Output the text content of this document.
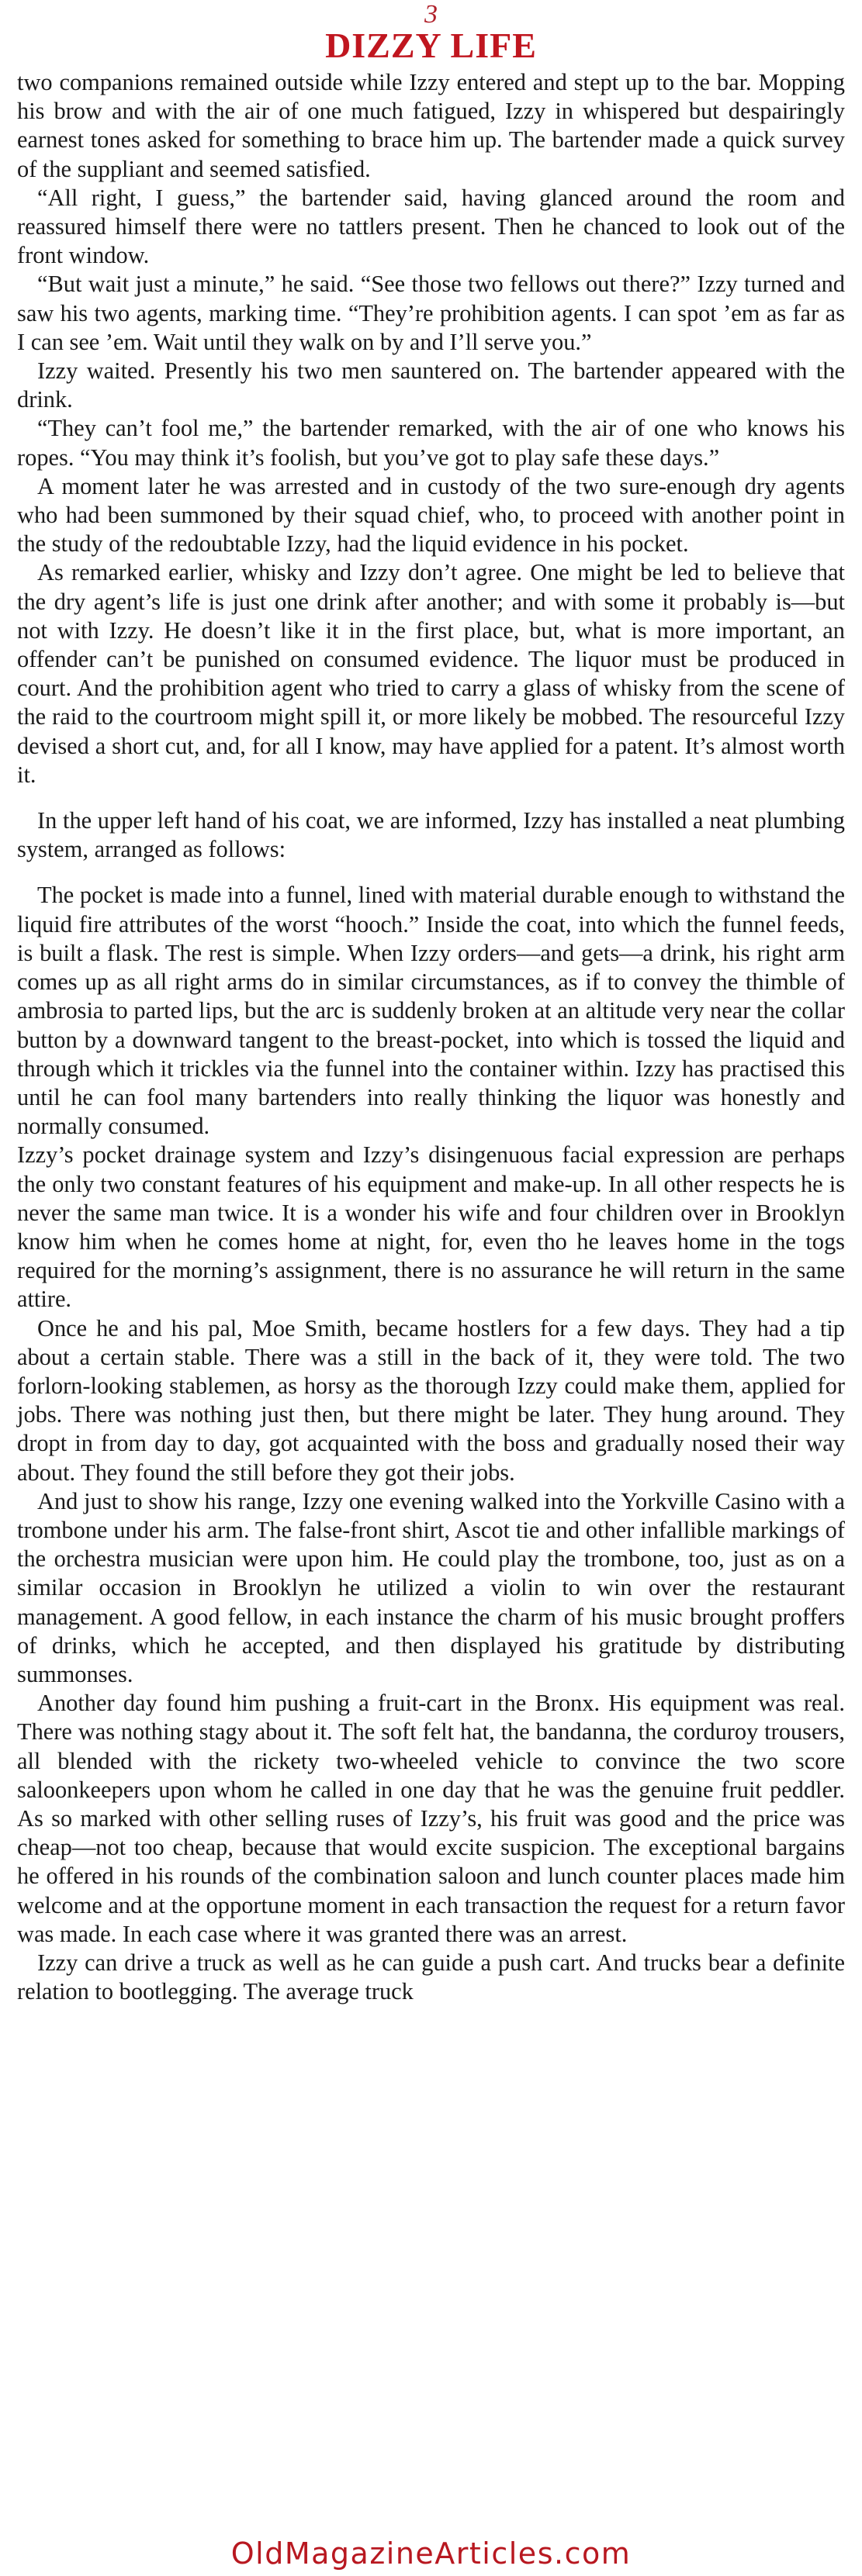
3
DIZZY LIFE

two companions remained outside while Izzy entered and stept up to the bar. Mopping his brow and with the air of one much fatigued, Izzy in whispered but despairingly earnest tones asked for something to brace him up. The bartender made a quick survey of the suppliant and seemed satisfied.

“All right, I guess,” the bartender said, having glanced around the room and reassured himself there were no tattlers present. Then he chanced to look out of the front window.

“But wait just a minute,” he said. “See those two fellows out there?” Izzy turned and saw his two agents, marking time. “They’re prohibition agents. I can spot ’em as far as I can see ’em. Wait until they walk on by and I’ll serve you.”

Izzy waited. Presently his two men sauntered on. The bartender appeared with the drink.

“They can’t fool me,” the bartender remarked, with the air of one who knows his ropes. “You may think it’s foolish, but you’ve got to play safe these days.”

A moment later he was arrested and in custody of the two sure-enough dry agents who had been summoned by their squad chief, who, to proceed with another point in the study of the redoubtable Izzy, had the liquid evidence in his pocket.

As remarked earlier, whisky and Izzy don’t agree. One might be led to believe that the dry agent’s life is just one drink after another; and with some it probably is—but not with Izzy. He doesn’t like it in the first place, but, what is more important, an offender can’t be punished on consumed evidence. The liquor must be produced in court. And the prohibition agent who tried to carry a glass of whisky from the scene of the raid to the courtroom might spill it, or more likely be mobbed. The resourceful Izzy devised a short cut, and, for all I know, may have applied for a patent. It’s almost worth it.

In the upper left hand of his coat, we are informed, Izzy has installed a neat plumbing system, arranged as follows:

The pocket is made into a funnel, lined with material durable enough to withstand the liquid fire attributes of the worst “hooch.” Inside the coat, into which the funnel feeds, is built a flask. The rest is simple. When Izzy orders—and gets—a drink, his right arm comes up as all right arms do in similar circumstances, as if to convey the thimble of ambrosia to parted lips, but the arc is suddenly broken at an altitude very near the collar button by a downward tangent to the breast-pocket, into which is tossed the liquid and through which it trickles via the funnel into the container within. Izzy has practised this until he can fool many bartenders into really thinking the liquor was honestly and normally consumed.

Izzy’s pocket drainage system and Izzy’s disingenuous facial expression are perhaps the only two constant features of his equipment and make-up. In all other respects he is never the same man twice. It is a wonder his wife and four children over in Brooklyn know him when he comes home at night, for, even tho he leaves home in the togs required for the morning’s assignment, there is no assurance he will return in the same attire.

Once he and his pal, Moe Smith, became hostlers for a few days. They had a tip about a certain stable. There was a still in the back of it, they were told. The two forlorn-looking stablemen, as horsy as the thorough Izzy could make them, applied for jobs. There was nothing just then, but there might be later. They hung around. They dropt in from day to day, got acquainted with the boss and gradually nosed their way about. They found the still before they got their jobs.

And just to show his range, Izzy one evening walked into the Yorkville Casino with a trombone under his arm. The false-front shirt, Ascot tie and other infallible markings of the orchestra musician were upon him. He could play the trombone, too, just as on a similar occasion in Brooklyn he utilized a violin to win over the restaurant management. A good fellow, in each instance the charm of his music brought proffers of drinks, which he accepted, and then displayed his gratitude by distributing summonses.

Another day found him pushing a fruit-cart in the Bronx. His equipment was real. There was nothing stagy about it. The soft felt hat, the bandanna, the corduroy trousers, all blended with the rickety two-wheeled vehicle to convince the two score saloonkeepers upon whom he called in one day that he was the genuine fruit peddler. As so marked with other selling ruses of Izzy’s, his fruit was good and the price was cheap—not too cheap, because that would excite suspicion. The exceptional bargains he offered in his rounds of the combination saloon and lunch counter places made him welcome and at the opportune moment in each transaction the request for a return favor was made. In each case where it was granted there was an arrest.

Izzy can drive a truck as well as he can guide a push cart. And trucks bear a definite relation to bootlegging. The average truck

OldMagazineArticles.com
